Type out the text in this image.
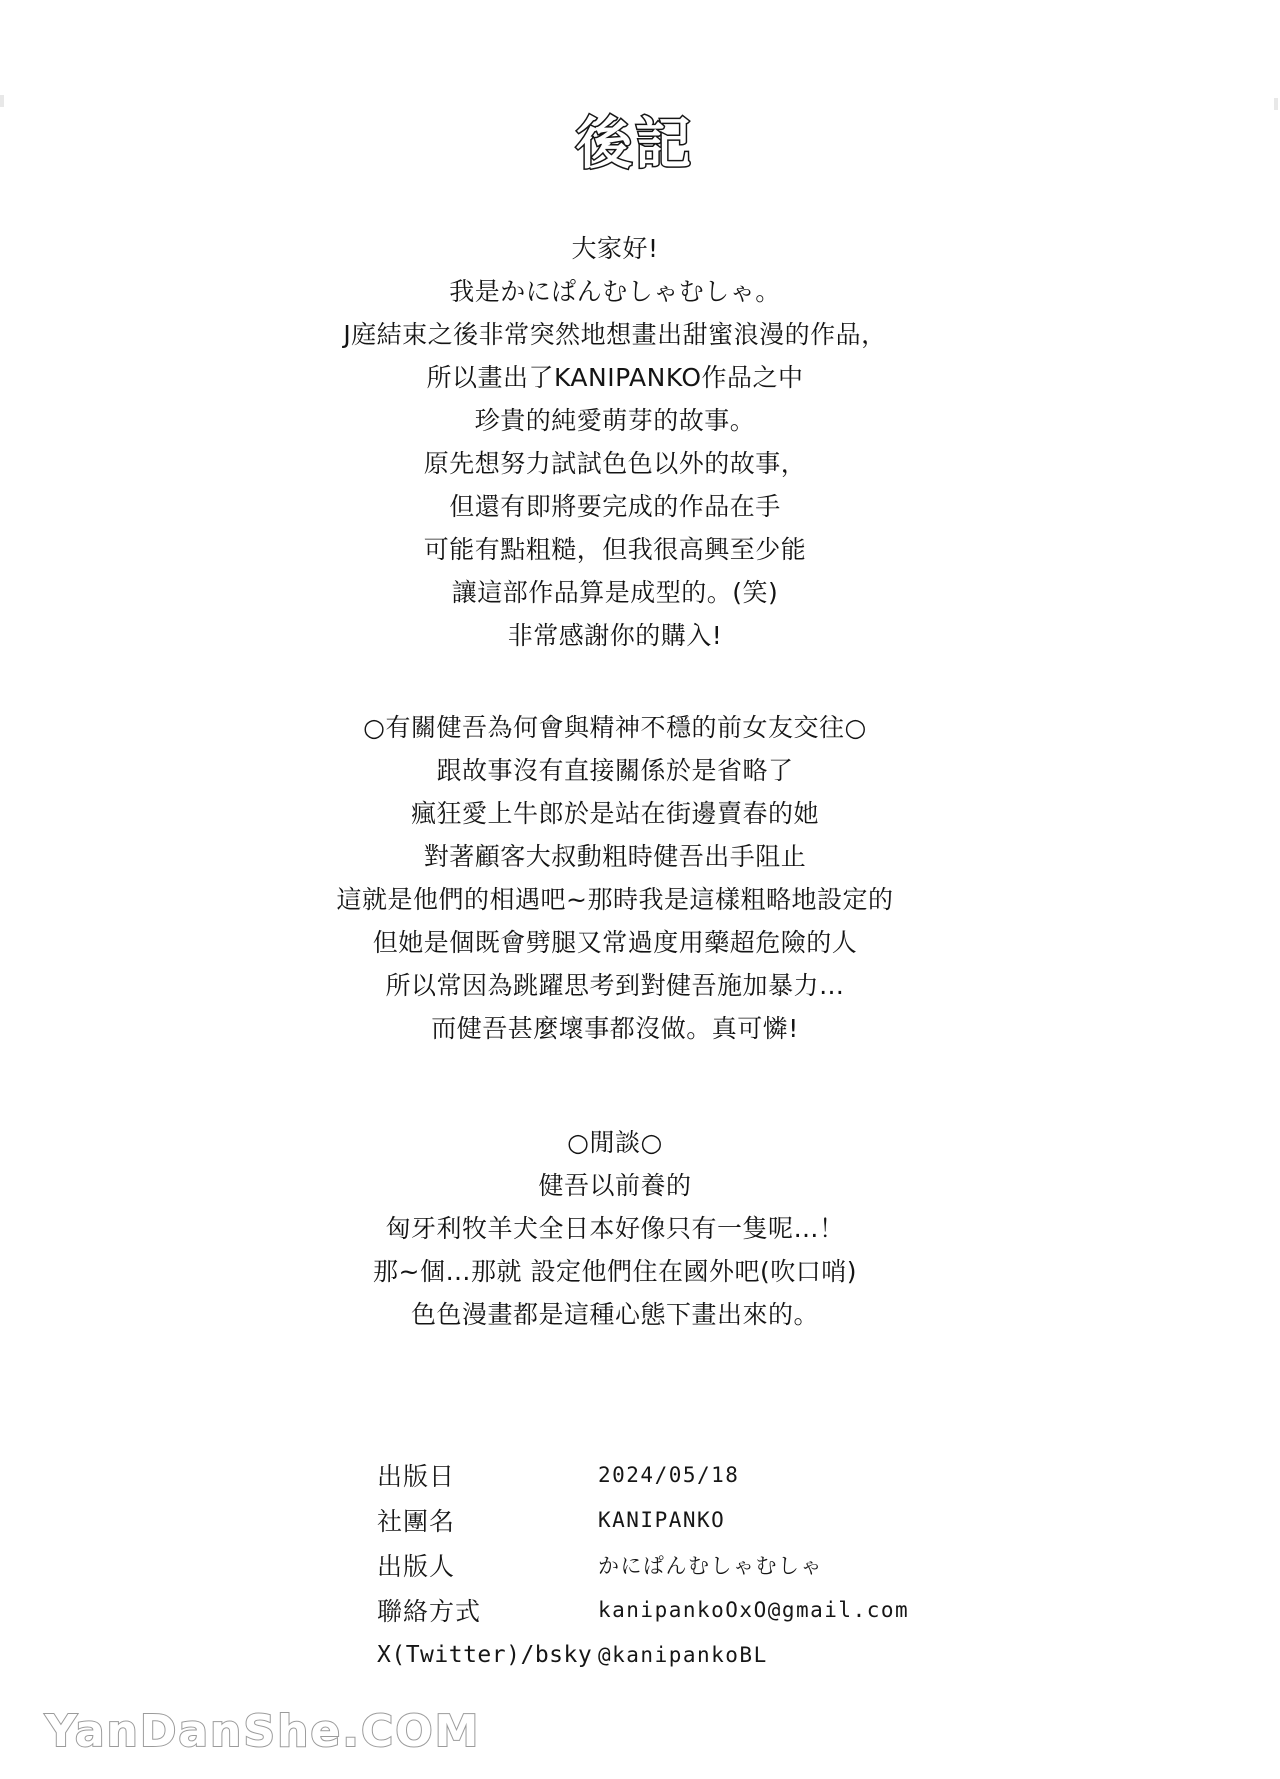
後記
大家好!
我是かにぱんむしゃむしゃ。
J庭結束之後非常突然地想畫出甜蜜浪漫的作品，
所以畫出了KANIPANKO作品之中
珍貴的純愛萌芽的故事。
原先想努力試試色色以外的故事，
但還有即將要完成的作品在手
可能有點粗糙，但我很高興至少能
讓這部作品算是成型的。(笑)
非常感謝你的購入!
○有關健吾為何會與精神不穩的前女友交往○
跟故事沒有直接關係於是省略了
瘋狂愛上牛郎於是站在街邊賣春的她
對著顧客大叔動粗時健吾出手阻止
這就是他們的相遇吧~那時我是這樣粗略地設定的
但她是個既會劈腿又常過度用藥超危險的人
所以常因為跳躍思考到對健吾施加暴力…
而健吾甚麼壞事都沒做。真可憐!
○閒談○
健吾以前養的
匈牙利牧羊犬全日本好像只有一隻呢…！
那~個…那就 設定他們住在國外吧(吹口哨)
色色漫畫都是這種心態下畫出來的。
出版日	2024/05/18
社團名	KANIPANKO
出版人	かにぱんむしゃむしゃ
聯絡方式	kanipankoOxO@gmail.com
X(Twitter)/bsky @kanipankoBL
YanDanShe.COM
